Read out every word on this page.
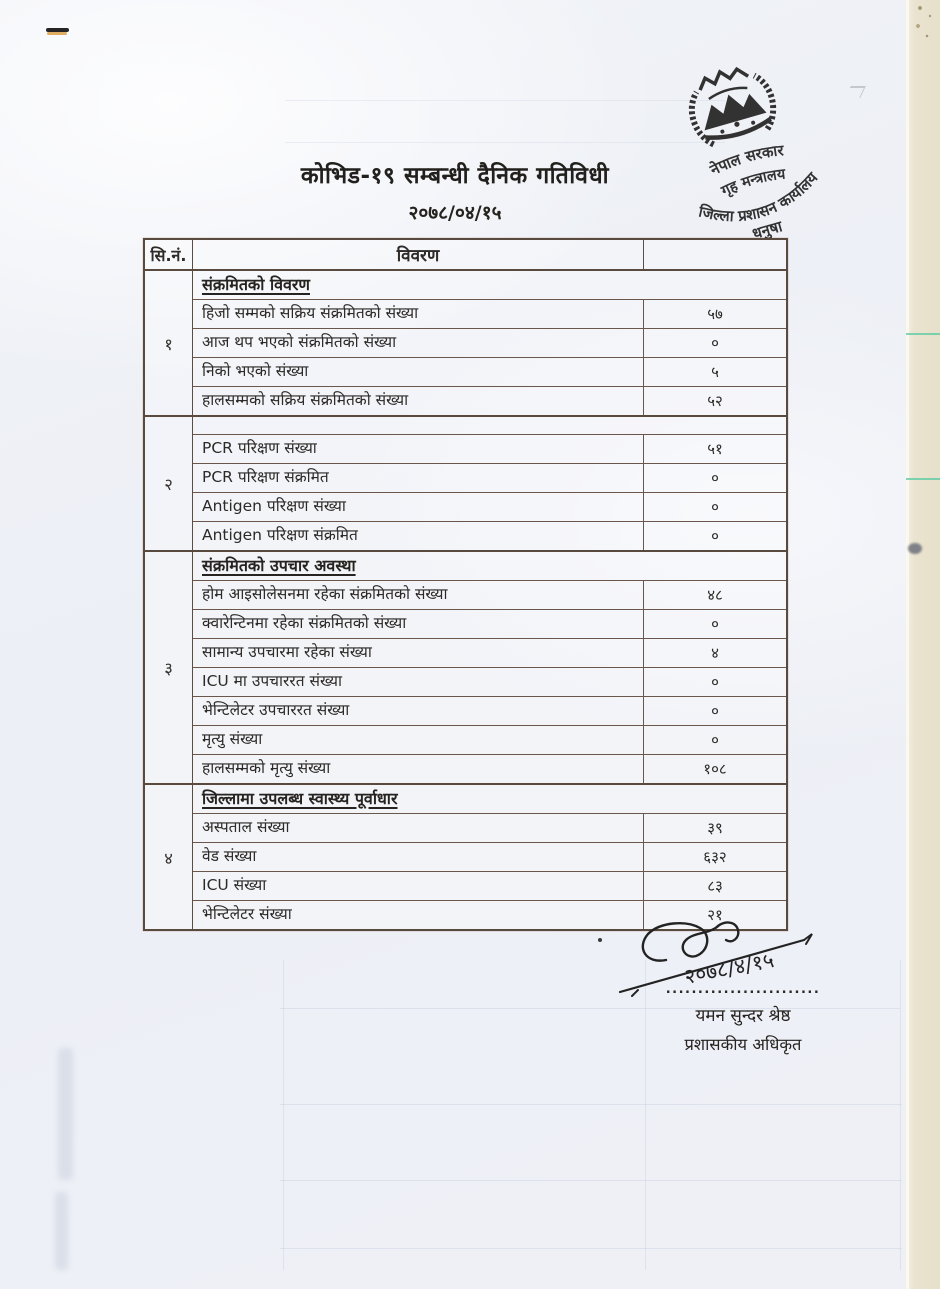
कोभिड-१९ सम्बन्धी दैनिक गतिविधी
२०७८/०४/१५
नेपाल सरकार
गृह मन्त्रालय
जिल्ला प्रशासन कार्यालय
धनुषा
सि.नं.	विवरण
१
संक्रमितको विवरण
हिजो सम्मको सक्रिय संक्रमितको संख्या	५७
आज थप भएको संक्रमितको संख्या	०
निको भएको संख्या	५
हालसम्मको सक्रिय संक्रमितको संख्या	५२
२
PCR परिक्षण संख्या	५१
PCR परिक्षण संक्रमित	०
Antigen परिक्षण संख्या	०
Antigen परिक्षण संक्रमित	०
३
संक्रमितको उपचार अवस्था
होम आइसोलेसनमा रहेका संक्रमितको संख्या	४८
क्वारेन्टिनमा रहेका संक्रमितको संख्या	०
सामान्य उपचारमा रहेका संख्या	४
ICU मा उपचाररत संख्या	०
भेन्टिलेटर उपचाररत संख्या	०
मृत्यु संख्या	०
हालसम्मको मृत्यु संख्या	१०८
४
जिल्लामा उपलब्ध स्वास्थ्य पूर्वाधार
अस्पताल संख्या	३९
वेड संख्या	६३२
ICU संख्या	८३
भेन्टिलेटर संख्या	२१
२०७८/४/१५
........................
यमन सुन्दर श्रेष्ठ
प्रशासकीय अधिकृत
